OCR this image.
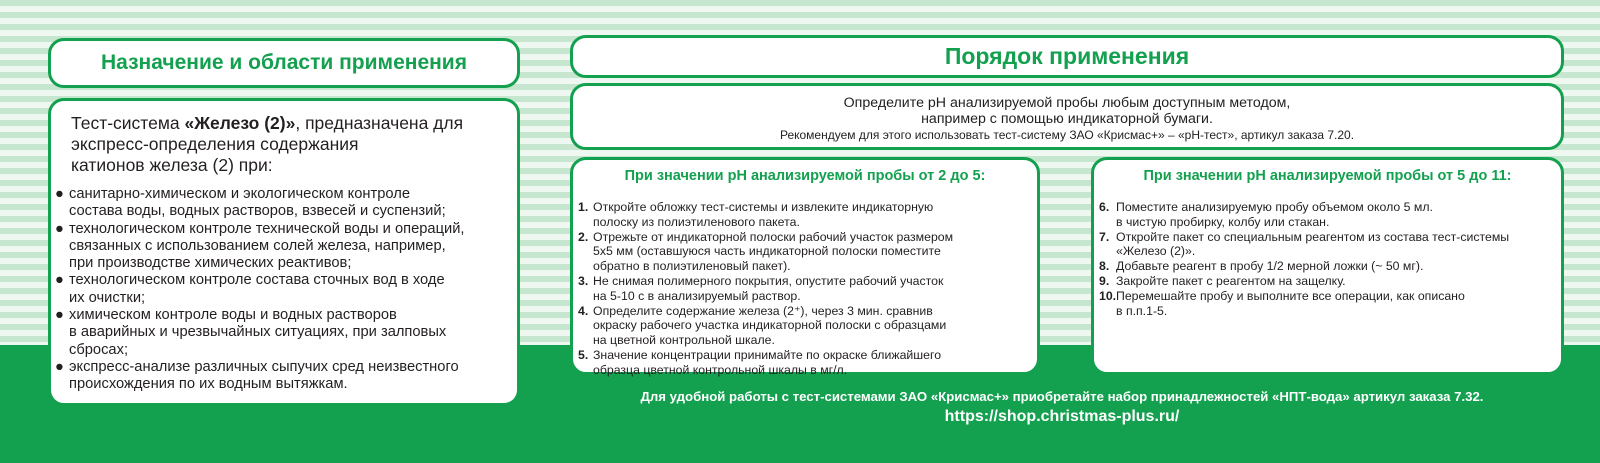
Назначение и области применения

Тест-система «Железо (2)», предназначена для
экспресс-определения содержания
катионов железа (2) при:

● санитарно-химическом и экологическом контроле
состава воды, водных растворов, взвесей и суспензий;
● технологическом контроле технической воды и операций,
связанных с использованием солей железа, например,
при производстве химических реактивов;
● технологическом контроле состава сточных вод в ходе
их очистки;
● химическом контроле воды и водных растворов
в аварийных и чрезвычайных ситуациях, при залповых
сбросах;
● экспресс-анализе различных сыпучих сред неизвестного
происхождения по их водным вытяжкам.
Порядок применения
Определите pH анализируемой пробы любым доступным методом,
например с помощью индикаторной бумаги.
Рекомендуем для этого использовать тест-систему ЗАО «Крисмас+» – «pH-тест», артикул заказа 7.20.
При значении pH анализируемой пробы от 2 до 5:
1. Откройте обложку тест-системы и извлеките индикаторную
полоску из полиэтиленового пакета.
2. Отрежьте от индикаторной полоски рабочий участок размером
5х5 мм (оставшуюся часть индикаторной полоски поместите
обратно в полиэтиленовый пакет).
3. Не снимая полимерного покрытия, опустите рабочий участок
на 5-10 с в анализируемый раствор.
4. Определите содержание железа (2⁺), через 3 мин. сравнив
окраску рабочего участка индикаторной полоски с образцами
на цветной контрольной шкале.
5. Значение концентрации принимайте по окраске ближайшего
образца цветной контрольной шкалы в мг/л.
При значении pH анализируемой пробы от 5 до 11:
6. Поместите анализируемую пробу объемом около 5 мл.
в чистую пробирку, колбу или стакан.
7. Откройте пакет со специальным реагентом из состава тест-системы
«Железо (2)».
8. Добавьте реагент в пробу 1/2 мерной ложки (~ 50 мг).
9. Закройте пакет с реагентом на защелку.
10. Перемешайте пробу и выполните все операции, как описано
в п.п.1-5.
Для удобной работы с тест-системами ЗАО «Крисмас+» приобретайте набор принадлежностей «НПТ-вода» артикул заказа 7.32.
https://shop.christmas-plus.ru/
